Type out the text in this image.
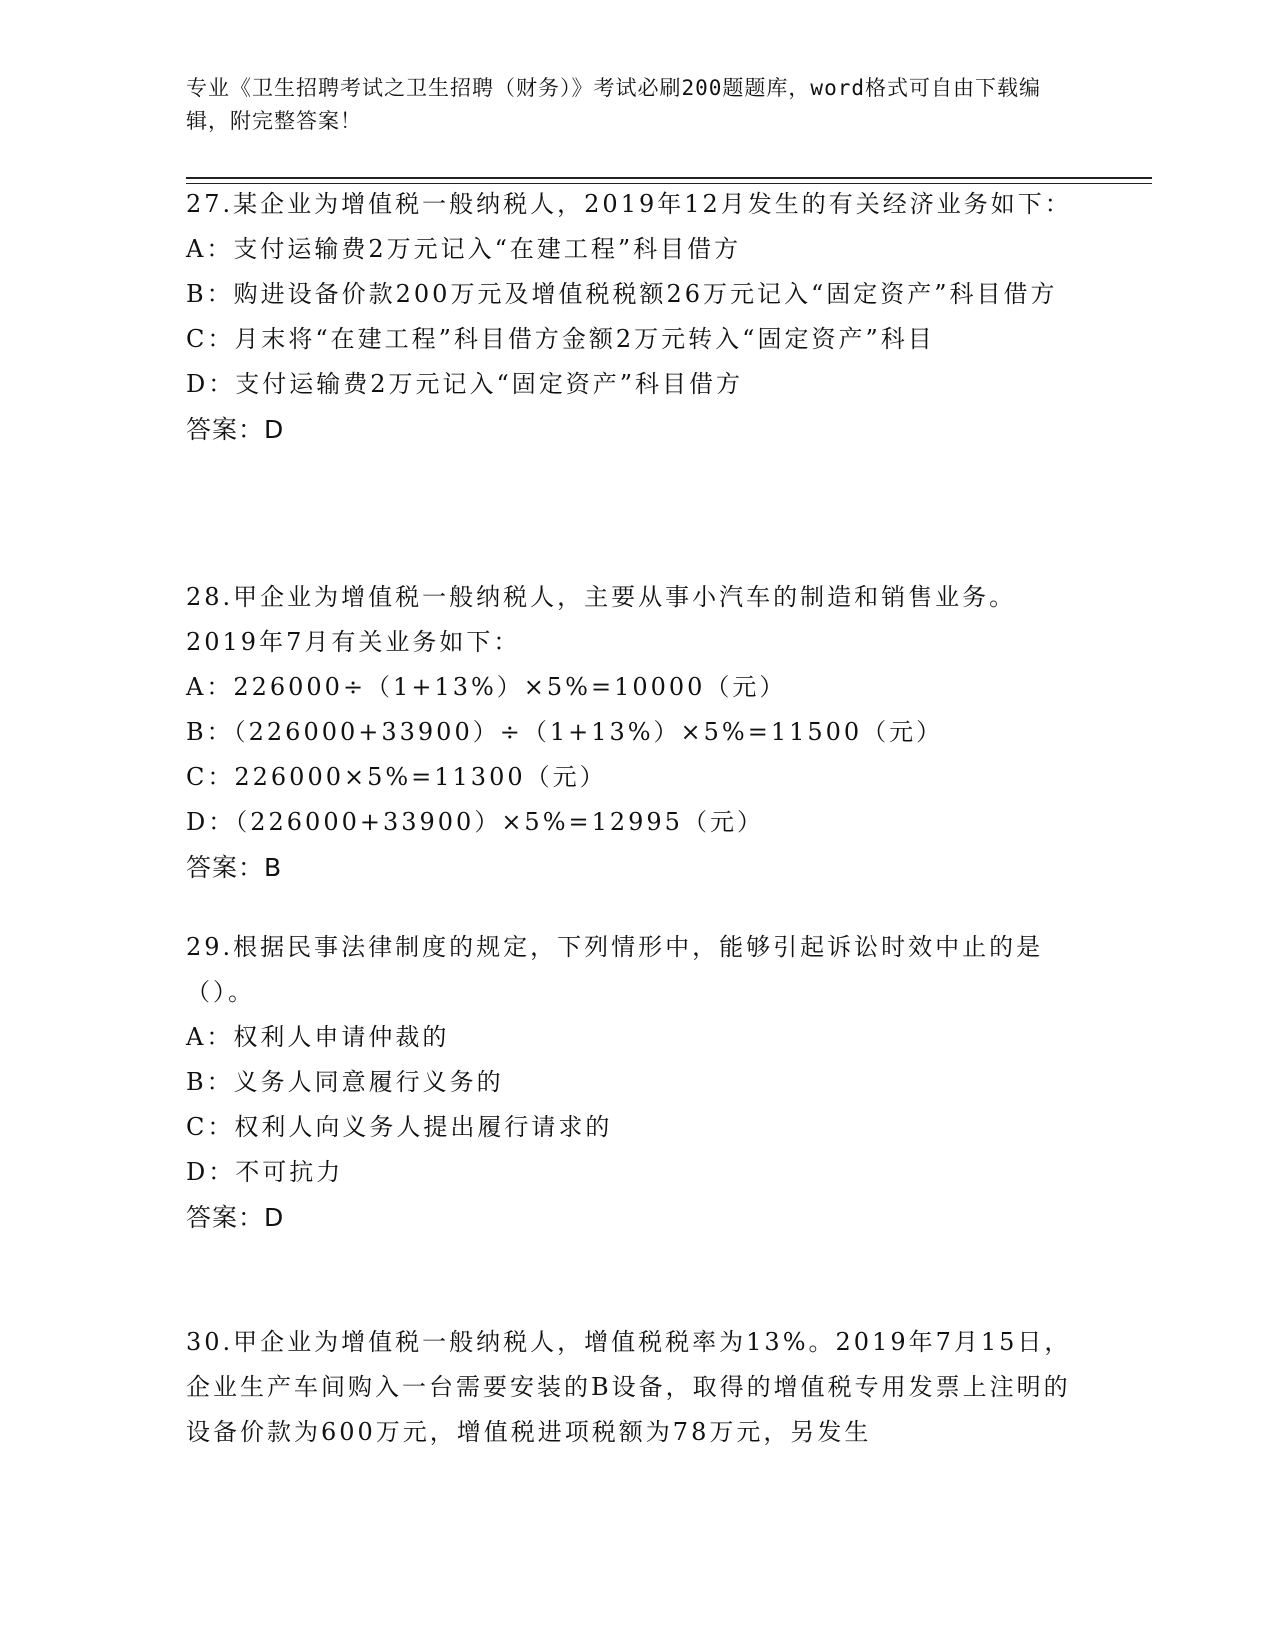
专业《卫生招聘考试之卫生招聘（财务）》考试必刷200题题库，word格式可自由下载编辑，附完整答案！
27.某企业为增值税一般纳税人，2019年12月发生的有关经济业务如下：
A：支付运输费2万元记入“在建工程”科目借方
B：购进设备价款200万元及增值税税额26万元记入“固定资产”科目借方
C：月末将“在建工程”科目借方金额2万元转入“固定资产”科目
D：支付运输费2万元记入“固定资产”科目借方
答案：D
28.甲企业为增值税一般纳税人，主要从事小汽车的制造和销售业务。2019年7月有关业务如下：
A：226000÷（1+13%）×5%=10000（元）
B：（226000+33900）÷（1+13%）×5%=11500（元）
C：226000×5%=11300（元）
D：（226000+33900）×5%=12995（元）
答案：B
29.根据民事法律制度的规定，下列情形中，能够引起诉讼时效中止的是（）。
A：权利人申请仲裁的
B：义务人同意履行义务的
C：权利人向义务人提出履行请求的
D：不可抗力
答案：D
30.甲企业为增值税一般纳税人，增值税税率为13%。2019年7月15日，企业生产车间购入一台需要安装的B设备，取得的增值税专用发票上注明的设备价款为600万元，增值税进项税额为78万元，另发生
